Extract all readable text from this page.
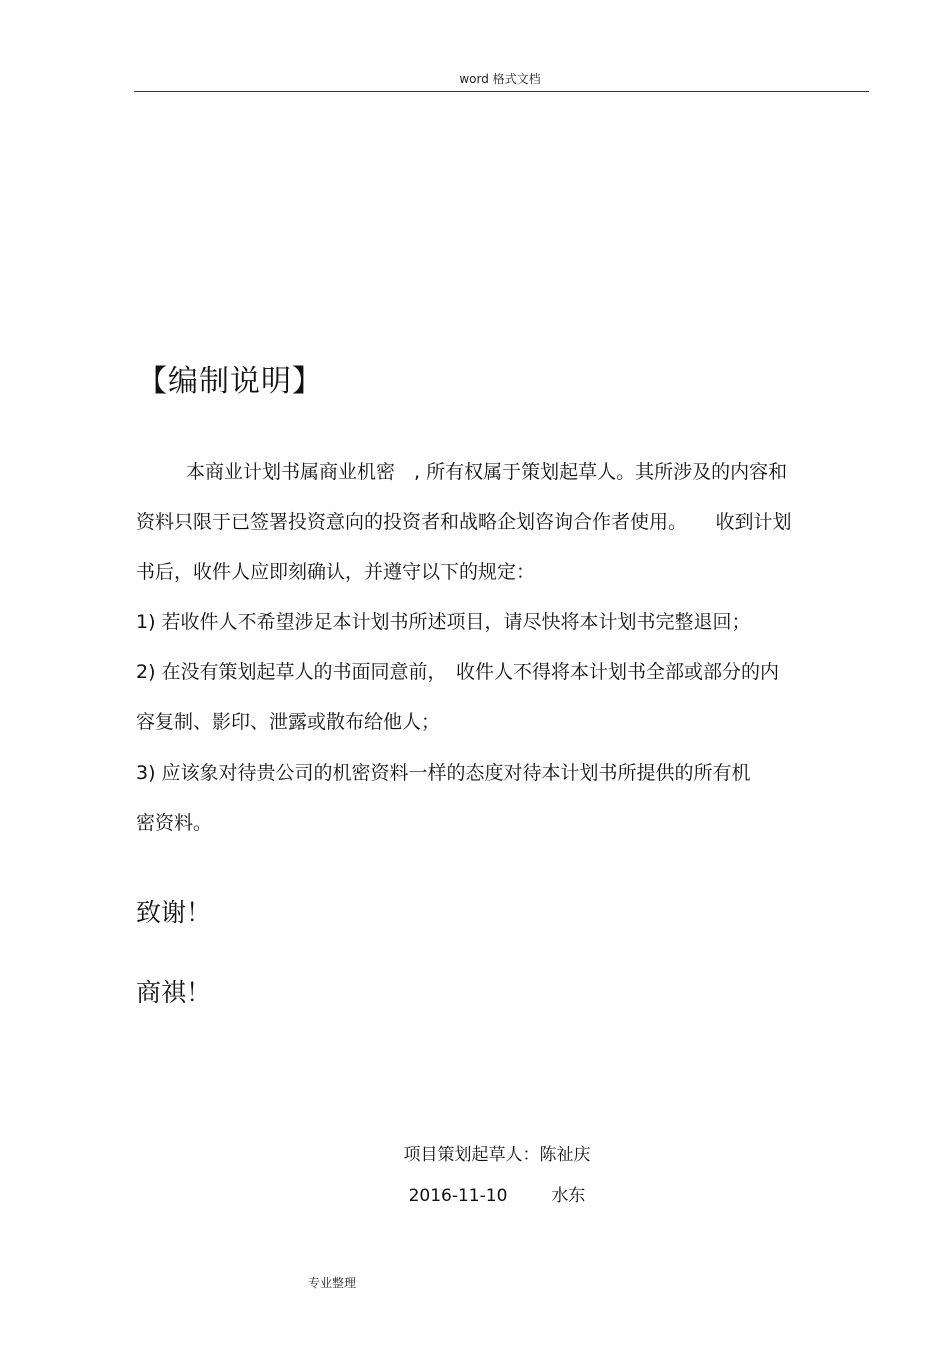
word 格式文档
【编制说明】
本商业计划书属商业机密　, 所有权属于策划起草人。其所涉及的内容和
资料只限于已签署投资意向的投资者和战略企划咨询合作者使用。　　收到计划
书后，收件人应即刻确认，并遵守以下的规定：
1) 若收件人不希望涉足本计划书所述项目，请尽快将本计划书完整退回；
2) 在没有策划起草人的书面同意前，　收件人不得将本计划书全部或部分的内
容复制、影印、泄露或散布给他人；
3) 应该象对待贵公司的机密资料一样的态度对待本计划书所提供的所有机
密资料。
致谢！
商祺！
项目策划起草人：陈祉庆
2016-11-10	水东
专业整理
